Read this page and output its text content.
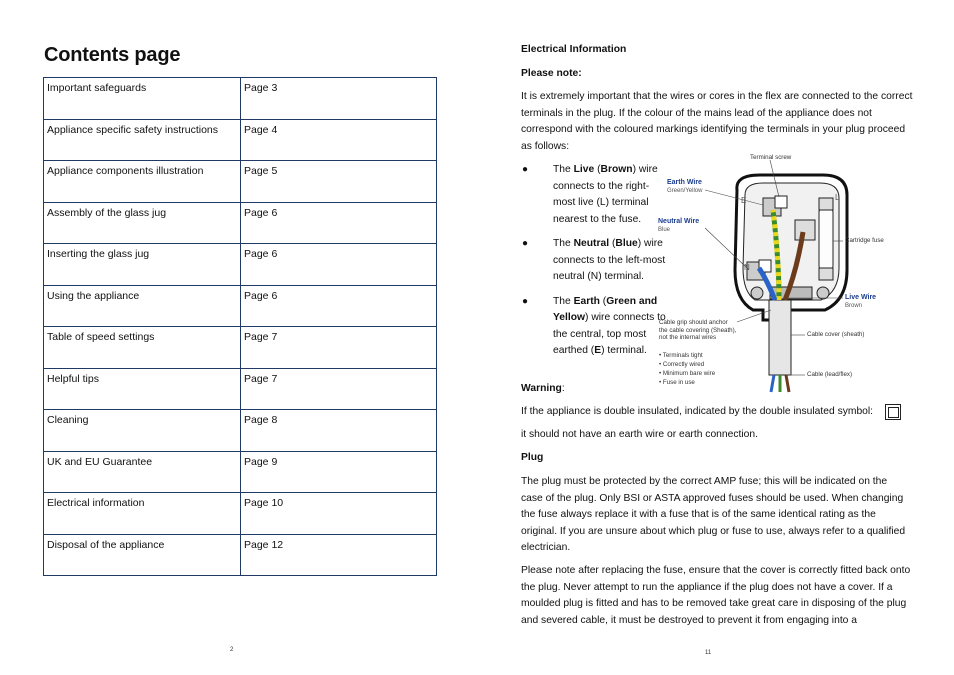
Contents page
Important safeguards	Page 3
Appliance specific safety instructions	Page 4
Appliance components illustration	Page 5
Assembly of the glass jug	Page 6
Inserting the glass jug	Page 6
Using the appliance	Page 6
Table of speed settings	Page 7
Helpful tips	Page 7
Cleaning	Page 8
UK and EU Guarantee	Page 9
Electrical information	Page 10
Disposal of the appliance	Page 12
2
Electrical Information
Please note:
It is extremely important that the wires or cores in the flex are connected to the correct terminals in the plug. If the colour of the mains lead of the appliance does not correspond with the coloured markings identifying the terminals in your plug proceed as follows:
● The Live (Brown) wire connects to the right-most live (L) terminal nearest to the fuse.
● The Neutral (Blue) wire connects to the left-most neutral (N) terminal.
● The Earth (Green and Yellow) wire connects to the central, top most earthed (E) terminal.
Terminal screw
Earth Wire
Green/Yellow
Neutral Wire
Blue
Cartridge fuse
Live Wire
Brown
Cable grip should anchor
the cable covering (Sheath),
not the internal wires	Cable cover (sheath)
• Terminals tight
• Correctly wired
• Minimum bare wire
• Fuse in use
Cable (lead/flex)
E
N
L
Warning:
If the appliance is double insulated, indicated by the double insulated symbol:
it should not have an earth wire or earth connection.
Plug
The plug must be protected by the correct AMP fuse; this will be indicated on the case of the plug. Only BSI or ASTA approved fuses should be used. When changing the fuse always replace it with a fuse that is of the same identical rating as the original. If you are unsure about which plug or fuse to use, always refer to a qualified electrician.
Please note after replacing the fuse, ensure that the cover is correctly fitted back onto the plug. Never attempt to run the appliance if the plug does not have a cover. If a moulded plug is fitted and has to be removed take great care in disposing of the plug and severed cable, it must be destroyed to prevent it from engaging into a
11
